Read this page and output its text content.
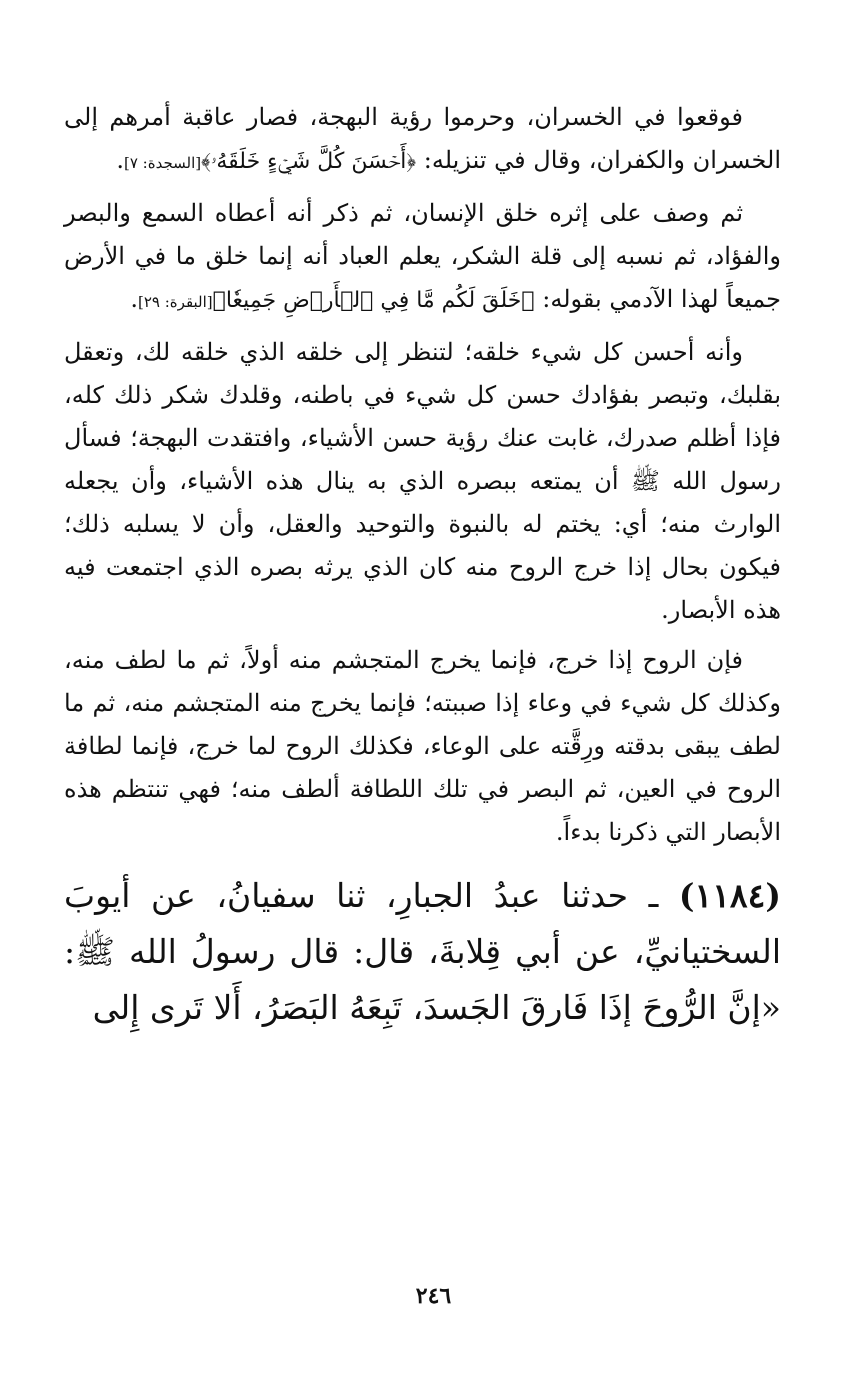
فوقعوا في الخسران، وحرموا رؤية البهجة، فصار عاقبة أمرهم إلى الخسران والكفران، وقال في تنزيله: ﴿أَحۡسَنَ كُلَّ شَيۡءٍ خَلَقَهُۥ﴾[السجدة: ٧].

ثم وصف على إثره خلق الإنسان، ثم ذكر أنه أعطاه السمع والبصر والفؤاد، ثم نسبه إلى قلة الشكر، يعلم العباد أنه إنما خلق ما في الأرض جميعاً لهذا الآدمي بقوله: ﴿خَلَقَ لَكُم مَّا فِي ٱلۡأَرۡضِ جَمِيعٗا﴾[البقرة: ٢٩].

وأنه أحسن كل شيء خلقه؛ لتنظر إلى خلقه الذي خلقه لك، وتعقل بقلبك، وتبصر بفؤادك حسن كل شيء في باطنه، وقلدك شكر ذلك كله، فإذا أظلم صدرك، غابت عنك رؤية حسن الأشياء، وافتقدت البهجة؛ فسأل رسول الله ﷺ أن يمتعه ببصره الذي به ينال هذه الأشياء، وأن يجعله الوارث منه؛ أي: يختم له بالنبوة والتوحيد والعقل، وأن لا يسلبه ذلك؛ فيكون بحال إذا خرج الروح منه كان الذي يرثه بصره الذي اجتمعت فيه هذه الأبصار.

فإن الروح إذا خرج، فإنما يخرج المتجشم منه أولاً، ثم ما لطف منه، وكذلك كل شيء في وعاء إذا صببته؛ فإنما يخرج منه المتجشم منه، ثم ما لطف يبقى بدقته ورِقَّته على الوعاء، فكذلك الروح لما خرج، فإنما لطافة الروح في العين، ثم البصر في تلك اللطافة ألطف منه؛ فهي تنتظم هذه الأبصار التي ذكرنا بدءاً.

(١١٨٤) ـ حدثنا عبدُ الجبارِ، ثنا سفيانُ، عن أيوبَ السختيانيِّ، عن أبي قِلابةَ، قال: قال رسولُ الله ﷺ: «إنَّ الرُّوحَ إذَا فَارقَ الجَسدَ، تَبِعَهُ البَصَرُ، أَلا تَرى إِلى

٢٤٦
